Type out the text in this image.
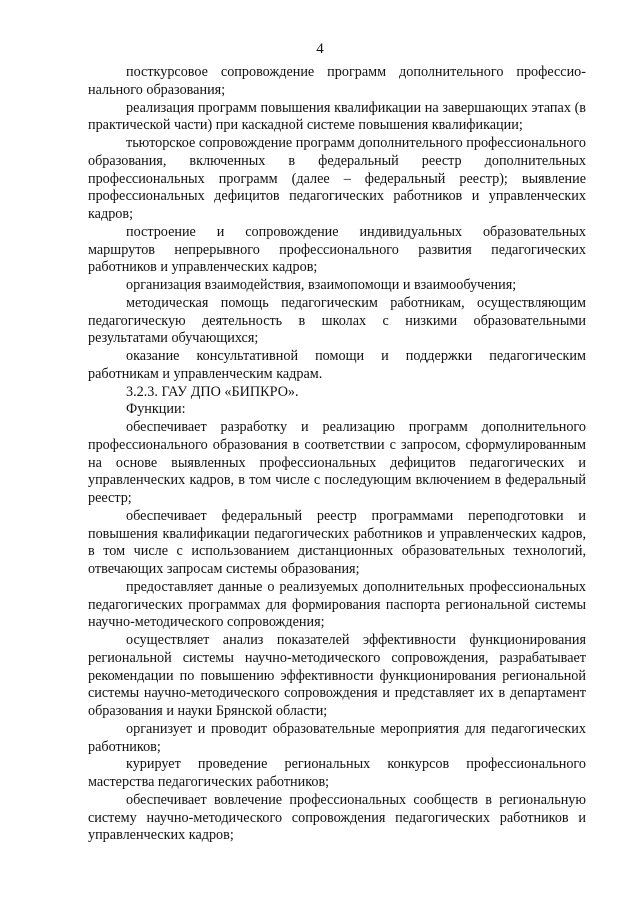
4

посткурсовое сопровождение программ дополнительного профессионального образования;

реализация программ повышения квалификации на завершающих этапах (в практической части) при каскадной системе повышения квалификации;

тьюторское сопровождение программ дополнительного профессионального образования, включенных в федеральный реестр дополнительных профессиональных программ (далее – федеральный реестр); выявление профессиональных дефицитов педагогических работников и управленческих кадров;

построение и сопровождение индивидуальных образовательных маршрутов непрерывного профессионального развития педагогических работников и управленческих кадров;

организация взаимодействия, взаимопомощи и взаимообучения;

методическая помощь педагогическим работникам, осуществляющим педагогическую деятельность в школах с низкими образовательными результатами обучающихся;

оказание консультативной помощи и поддержки педагогическим работникам и управленческим кадрам.

3.2.3. ГАУ ДПО «БИПКРО».

Функции:

обеспечивает разработку и реализацию программ дополнительного профессионального образования в соответствии с запросом, сформулированным на основе выявленных профессиональных дефицитов педагогических и управленческих кадров, в том числе с последующим включением в федеральный реестр;

обеспечивает федеральный реестр программами переподготовки и повышения квалификации педагогических работников и управленческих кадров, в том числе с использованием дистанционных образовательных технологий, отвечающих запросам системы образования;

предоставляет данные о реализуемых дополнительных профессиональных педагогических программах для формирования паспорта региональной системы научно-методического сопровождения;

осуществляет анализ показателей эффективности функционирования региональной системы научно-методического сопровождения, разрабатывает рекомендации по повышению эффективности функционирования региональной системы научно-методического сопровождения и представляет их в департамент образования и науки Брянской области;

организует и проводит образовательные мероприятия для педагогических работников;

курирует проведение региональных конкурсов профессионального мастерства педагогических работников;

обеспечивает вовлечение профессиональных сообществ в региональную систему научно-методического сопровождения педагогических работников и управленческих кадров;
